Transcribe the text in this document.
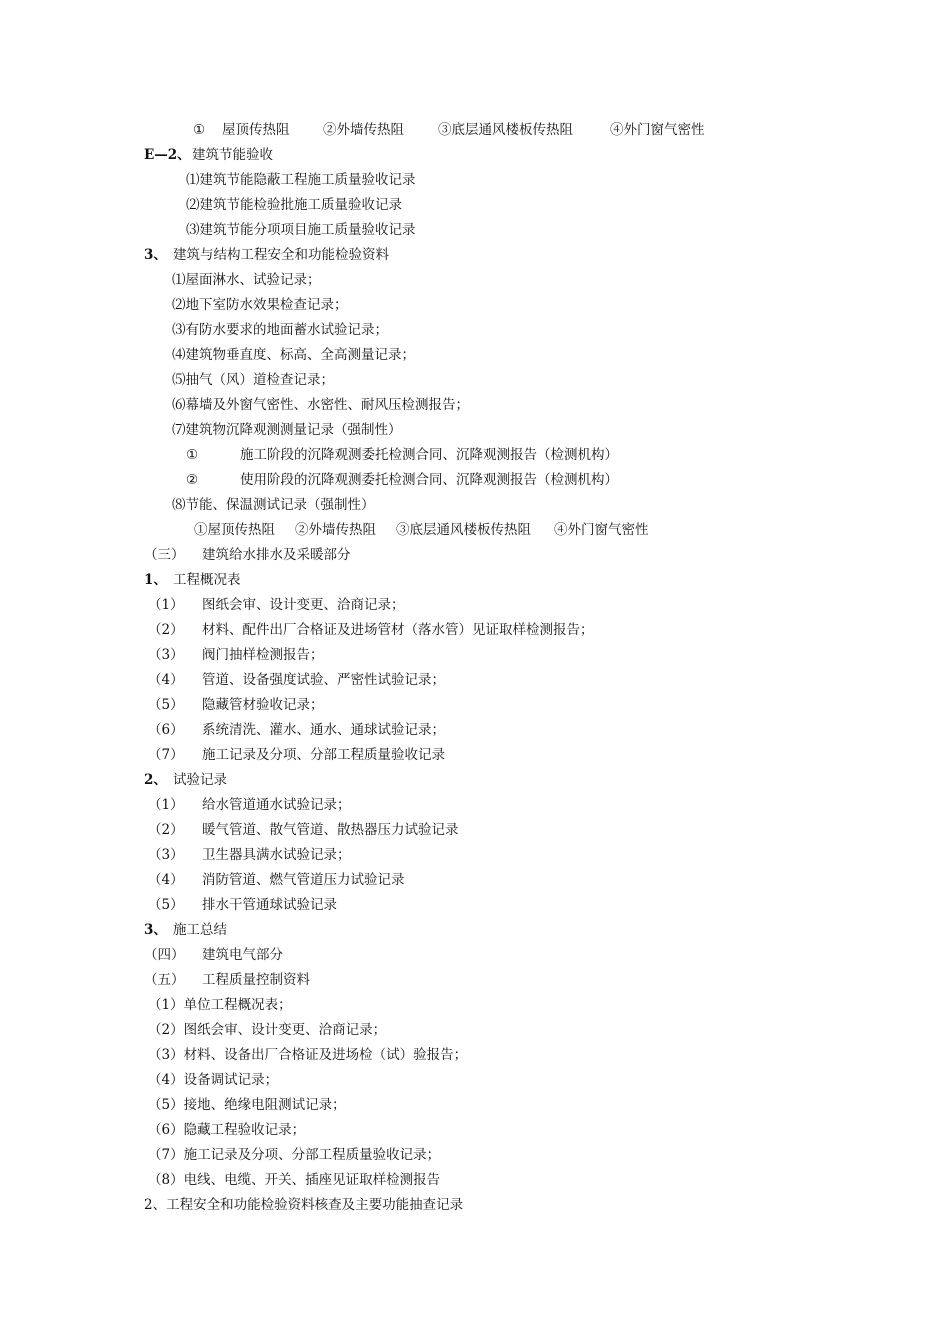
① 屋顶传热阻 ②外墙传热阻	③底层通风楼板传热阻	④外门窗气密性
E—2、 建筑节能验收
⑴建筑节能隐蔽工程施工质量验收记录
⑵建筑节能检验批施工质量验收记录
⑶建筑节能分项项目施工质量验收记录
3、 建筑与结构工程安全和功能检验资料
⑴屋面淋水、试验记录；
⑵地下室防水效果检查记录；
⑶有防水要求的地面蓄水试验记录；
⑷建筑物垂直度、标高、全高测量记录；
⑸抽气（风）道检查记录；
⑹幕墙及外窗气密性、水密性、耐风压检测报告；
⑺建筑物沉降观测测量记录（强制性）
①	施工阶段的沉降观测委托检测合同、沉降观测报告（检测机构）
②	使用阶段的沉降观测委托检测合同、沉降观测报告（检测机构）
⑻节能、保温测试记录（强制性）
①屋顶传热阻 ②外墙传热阻 ③底层通风楼板传热阻 ④外门窗气密性
（三） 建筑给水排水及采暖部分
1、 工程概况表
（1） 图纸会审、设计变更、洽商记录；
（2） 材料、配件出厂合格证及进场管材（落水管）见证取样检测报告；
（3） 阀门抽样检测报告；
（4） 管道、设备强度试验、严密性试验记录；
（5） 隐藏管材验收记录；
（6） 系统清洗、灌水、通水、通球试验记录；
（7） 施工记录及分项、分部工程质量验收记录
2、 试验记录
（1） 给水管道通水试验记录；
（2） 暖气管道、散气管道、散热器压力试验记录
（3） 卫生器具满水试验记录；
（4） 消防管道、燃气管道压力试验记录
（5） 排水干管通球试验记录
3、 施工总结
（四） 建筑电气部分
（五） 工程质量控制资料
（1）单位工程概况表；
（2）图纸会审、设计变更、洽商记录；
（3）材料、设备出厂合格证及进场检（试）验报告；
（4）设备调试记录；
（5）接地、绝缘电阻测试记录；
（6）隐藏工程验收记录；
（7）施工记录及分项、分部工程质量验收记录；
（8）电线、电缆、开关、插座见证取样检测报告
2、工程安全和功能检验资料核查及主要功能抽查记录
